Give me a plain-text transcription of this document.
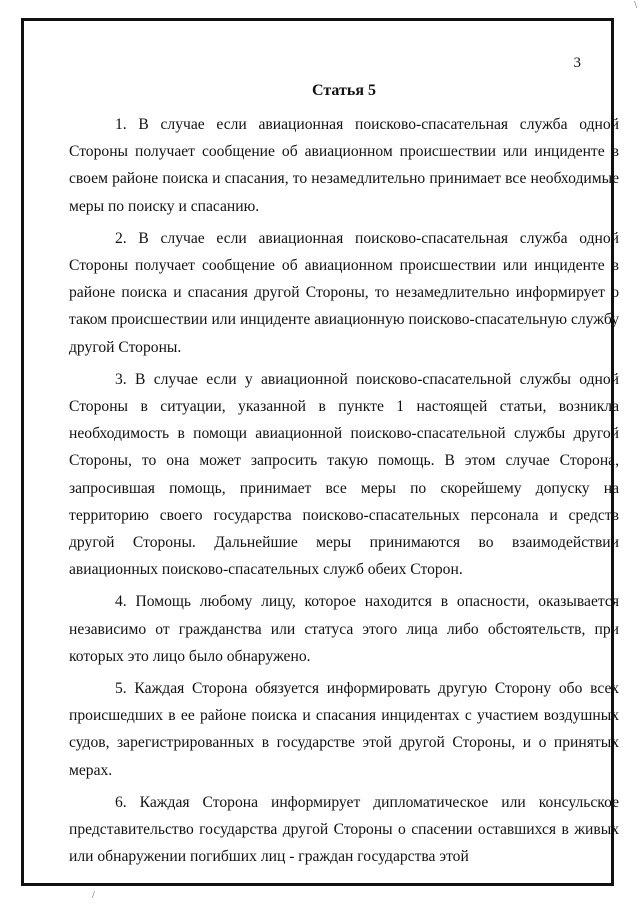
\
3
Статья 5

1. В случае если авиационная поисково-спасательная служба одной Стороны получает сообщение об авиационном происшествии или инциденте в своем районе поиска и спасания, то незамедлительно принимает все необходимые меры по поиску и спасанию.

2. В случае если авиационная поисково-спасательная служба одной Стороны получает сообщение об авиационном происшествии или инциденте в районе поиска и спасания другой Стороны, то незамедлительно информирует о таком происшествии или инциденте авиационную поисково-спасательную службу другой Стороны.

3. В случае если у авиационной поисково-спасательной службы одной Стороны в ситуации, указанной в пункте 1 настоящей статьи, возникла необходимость в помощи авиационной поисково-спасательной службы другой Стороны, то она может запросить такую помощь. В этом случае Сторона, запросившая помощь, принимает все меры по скорейшему допуску на территорию своего государства поисково-спасательных персонала и средств другой Стороны. Дальнейшие меры принимаются во взаимодействии авиационных поисково-спасательных служб обеих Сторон.

4. Помощь любому лицу, которое находится в опасности, оказывается независимо от гражданства или статуса этого лица либо обстоятельств, при которых это лицо было обнаружено.

5. Каждая Сторона обязуется информировать другую Сторону обо всех происшедших в ее районе поиска и спасания инцидентах с участием воздушных судов, зарегистрированных в государстве этой другой Стороны, и о принятых мерах.

6. Каждая Сторона информирует дипломатическое или консульское представительство государства другой Стороны о спасении оставшихся в живых или обнаружении погибших лиц - граждан государства этой

/
